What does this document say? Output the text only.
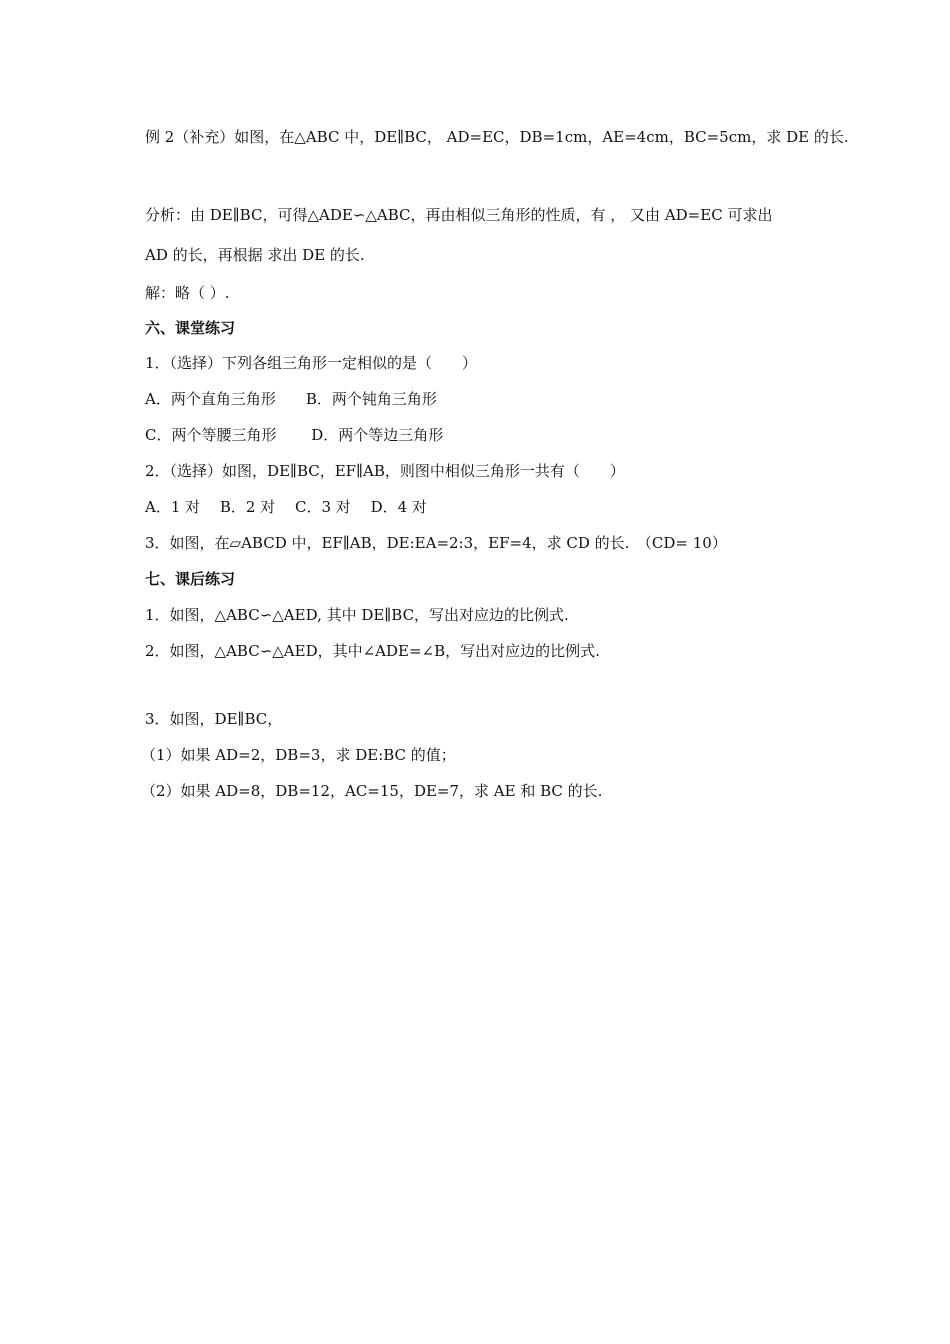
例 2（补充）如图，在△ABC 中，DE∥BC， AD=EC，DB=1cm，AE=4cm，BC=5cm，求 DE 的长.
分析：由 DE∥BC，可得△ADE∽△ABC，再由相似三角形的性质，有 ， 又由 AD=EC 可求出
AD 的长，再根据 求出 DE 的长.
解：略（ ）.
六、课堂练习
1．（选择）下列各组三角形一定相似的是（　　）
A．两个直角三角形　　B．两个钝角三角形
C．两个等腰三角形　　 D．两个等边三角形
2．（选择）如图，DE∥BC，EF∥AB，则图中相似三角形一共有（　　）
A．1 对　 B．2 对　 C．3 对　 D．4 对
3．如图，在▱ABCD 中，EF∥AB，DE:EA=2:3，EF=4，求 CD 的长.　（CD= 10）
七、课后练习
1．如图，△ABC∽△AED, 其中 DE∥BC，写出对应边的比例式.
2．如图，△ABC∽△AED，其中∠ADE=∠B，写出对应边的比例式.
3．如图，DE∥BC，
（1）如果 AD=2，DB=3，求 DE:BC 的值；
（2）如果 AD=8，DB=12，AC=15，DE=7，求 AE 和 BC 的长.
